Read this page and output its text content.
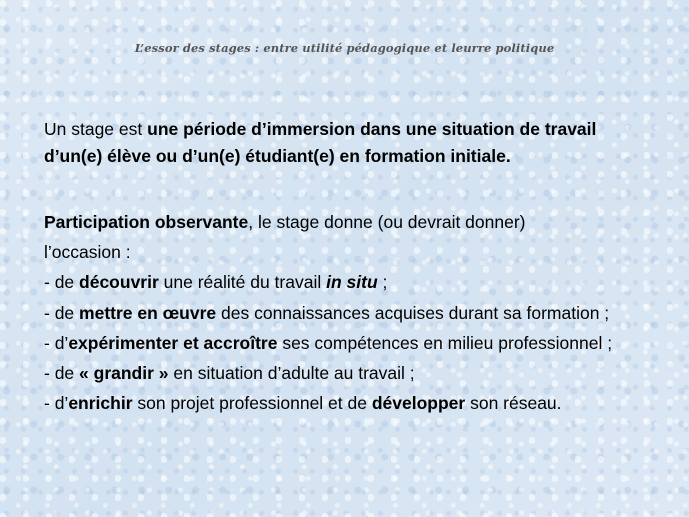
L’essor des stages : entre utilité pédagogique et leurre politique
Un stage est une période d’immersion dans une situation de travail
d’un(e) élève ou d’un(e) étudiant(e) en formation initiale.
Participation observante, le stage donne (ou devrait donner)
l’occasion :
- de découvrir une réalité du travail in situ ;
- de mettre en œuvre des connaissances acquises durant sa formation ;
- d’expérimenter et accroître ses compétences en milieu professionnel ;
- de « grandir » en situation d’adulte au travail ;
- d’enrichir son projet professionnel et de développer son réseau.
